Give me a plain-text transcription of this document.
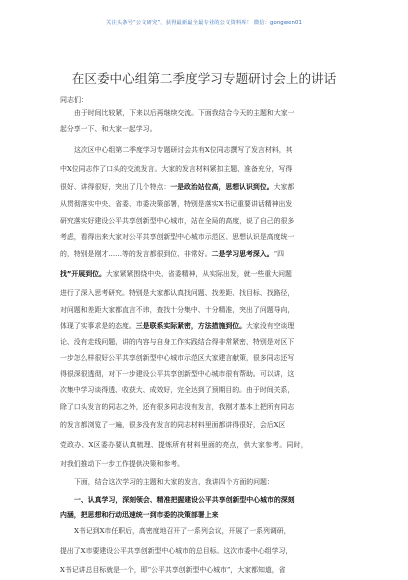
关注头条号“公文研究”，获得最新最全最专业的公文资料库！ 微信：gongwen01
在区委中心组第二季度学习专题研讨会上的讲话
同志们：
由于时间比较紧，下来以后再继续交流。下面我结合今天的主题和大家一
起分享一下、和大家一起学习。
这次区中心组第二季度学习专题研讨会共有X位同志撰写了发言材料，其
中X位同志作了口头的交流发言。大家的发言材料紧扣主题、准备充分，写得
很好、讲得很好，突出了几个特点：一是政治站位高，思想认识到位。大家都
从贯彻落实中央、省委、市委决策部署，特别是落实X书记重要讲话精神出发
研究落实好建设公平共享创新型中心城市，站在全局的高度，说了自己的很多
考虑，看得出来大家对公平共享创新型中心城市示范区、思想认识是高度统一
的，特别是刚才……等的发言都很到位、非常好。二是学习思考深入。“四
找”开展到位。大家紧紧围绕中央、省委精神，从实际出发，就一些重大问题
进行了深入思考研究。特别是大家都认真找问题、找差距、找目标、找路径，
对问题和差距大家都直言不讳，查找十分集中、十分精准，突出了问题导向，
体现了实事求是的态度。三是联系实际紧密，方法措施到位。大家没有空谈理
论、没有走线问题，讲的内容与自身工作实践结合得非常紧密，特别是对区下
一步怎么样很好公平共享创新型中心城市示范区大家建言献策，很多同志还写
得很深很透彻，对下一步建设公平共享创新型中心城市很有帮助。可以讲，这
次集中学习谈得透、收获大、成效好，完全达到了预期目的。由于时间关系，
除了口头发言的同志之外，还有很多同志没有发言，我刚才基本上把所有同志
的发言都浏览了一遍，很多没有发言的同志材料里面都讲得很好，会后X区
党政办、X区委办要认真梳理、提炼所有材料里面的亮点，供大家参考。同时，
对我们推动下一步工作提供决策和参考。
下面，结合这次学习的主题和大家的发言，我讲四个方面的问题：
一、认真学习，深刻领会、精准把握建设公平共享创新型中心城市的深刻
内涵，把思想和行动迅速统一到市委的决策部署上来
X书记到X市任职后，高密度地召开了一系列会议，开展了一系列调研，
提出了X市要建设公平共享创新型中心城市的总目标。这次市委中心组学习，
X书记讲总目标就是一个，即“公平共享创新型中心城市”，大家都知道，省
